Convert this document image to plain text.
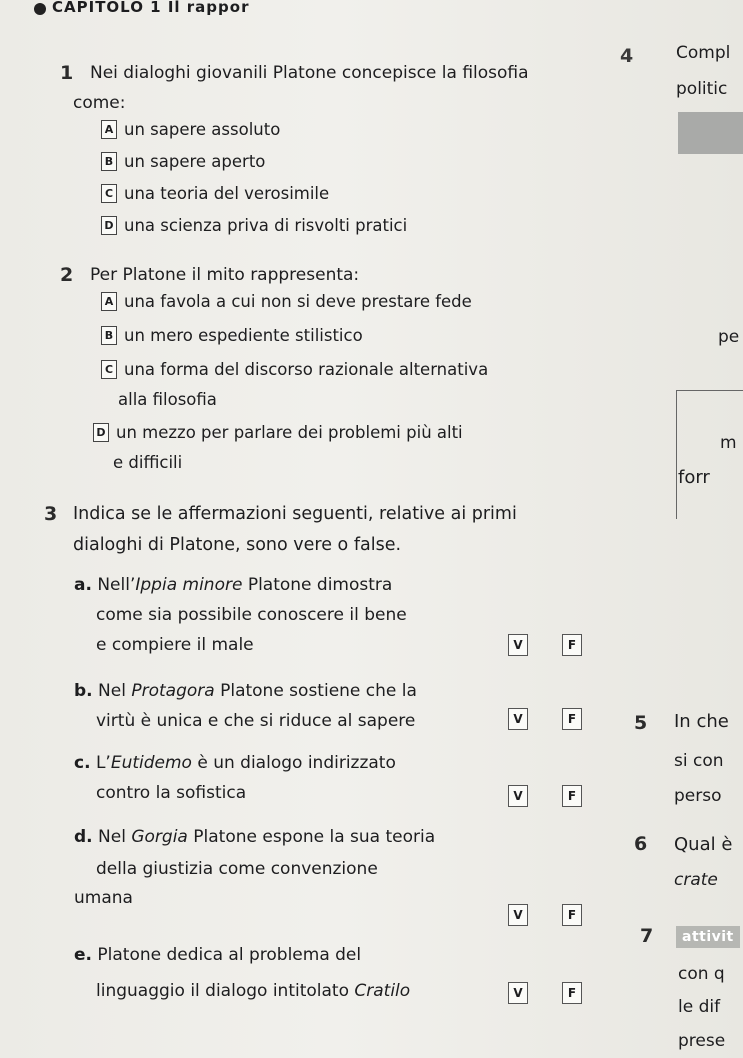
CAPITOLO 1 Il rappor
1 Nei dialoghi giovanili Platone concepisce la filosofia
come:
A un sapere assoluto
B un sapere aperto
C una teoria del verosimile
D una scienza priva di risvolti pratici
2 Per Platone il mito rappresenta:
A una favola a cui non si deve prestare fede
B un mero espediente stilistico
C una forma del discorso razionale alternativa
alla filosofia
D un mezzo per parlare dei problemi più alti
e difficili
3 Indica se le affermazioni seguenti, relative ai primi
dialoghi di Platone, sono vere o false.
a. Nell’Ippia minore Platone dimostra
come sia possibile conoscere il bene
e compiere il male	V	F
b. Nel Protagora Platone sostiene che la
virtù è unica e che si riduce al sapere	V	F
c. L’Eutidemo è un dialogo indirizzato
contro la sofistica	V	F
d. Nel Gorgia Platone espone la sua teoria
della giustizia come convenzione
umana
V	F
e. Platone dedica al problema del
linguaggio il dialogo intitolato Cratilo	V	F
4	Compl
politic
pe
m
forr
5 In che
si con
perso
6 Qual è
crate
7	attivit
con q
le dif
prese
